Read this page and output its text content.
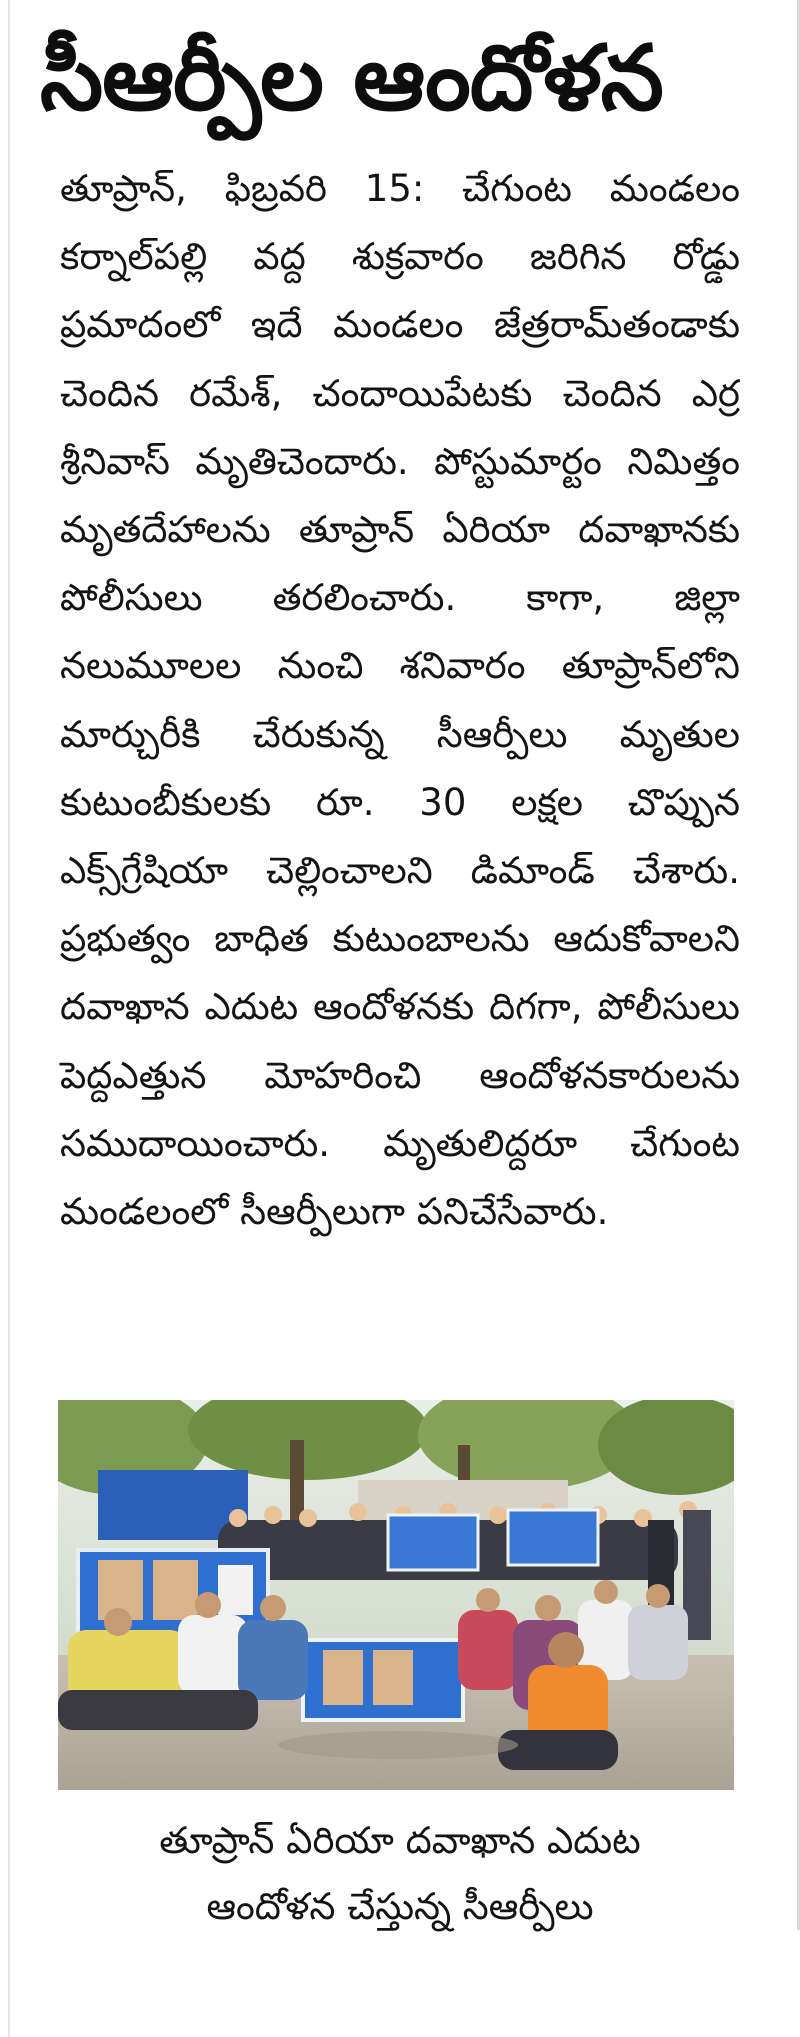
సీఆర్పీల ఆందోళన

తూప్రాన్, ఫిబ్రవరి 15: చేగుంట మండలం కర్నాల్‌పల్లి వద్ద శుక్రవారం జరిగిన రోడ్డు ప్రమాదంలో ఇదే మండలం జేత్రరామ్‌తండాకు చెందిన రమేశ్, చందాయిపేటకు చెందిన ఎర్ర శ్రీనివాస్ మృతిచెందారు. పోస్టుమార్టం నిమిత్తం మృతదేహాలను తూప్రాన్ ఏరియా దవాఖానకు పోలీసులు తరలించారు. కాగా, జిల్లా నలుమూలల నుంచి శనివారం తూప్రాన్‌లోని మార్చురీకి చేరుకున్న సీఆర్పీలు మృతుల కుటుంబీకులకు రూ. 30 లక్షల చొప్పున ఎక్స్‌గ్రేషియా చెల్లించాలని డిమాండ్ చేశారు. ప్రభుత్వం బాధిత కుటుంబాలను ఆదుకోవాలని దవాఖాన ఎదుట ఆందోళనకు దిగగా, పోలీసులు పెద్దఎత్తున మోహరించి ఆందోళనకారులను సముదాయించారు. మృతులిద్దరూ చేగుంట మండలంలో సీఆర్పీలుగా పనిచేసేవారు.

తూప్రాన్ ఏరియా దవాఖాన ఎదుట
ఆందోళన చేస్తున్న సీఆర్పీలు
